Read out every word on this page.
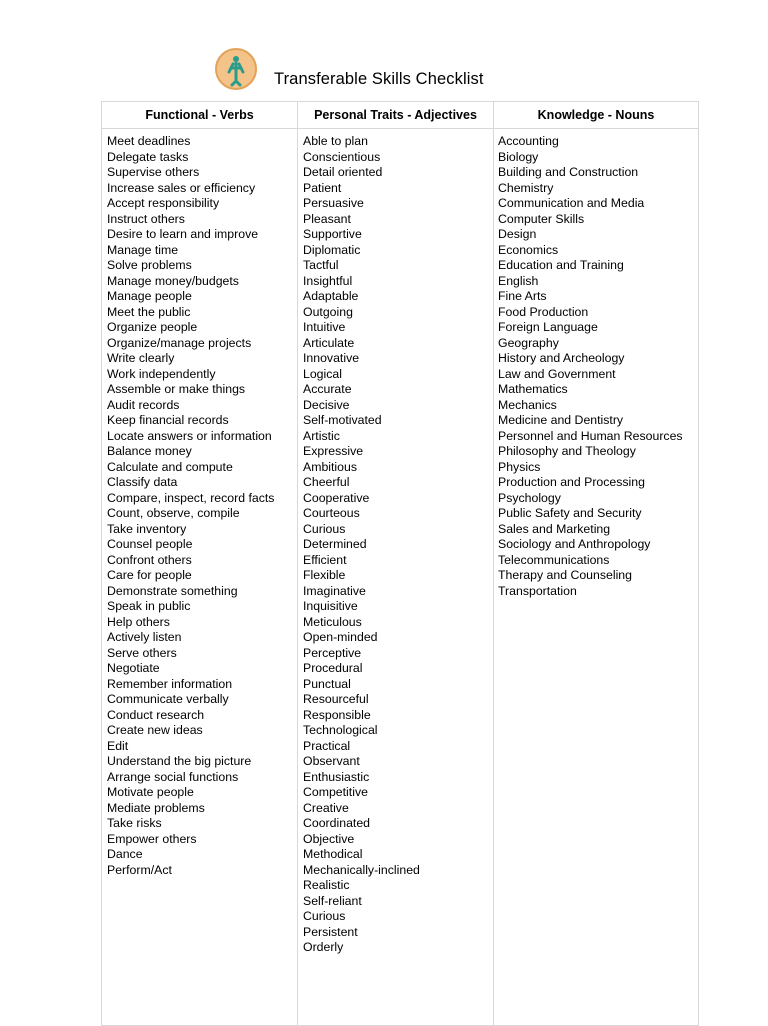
Transferable Skills Checklist
Functional - Verbs	Personal Traits - Adjectives	Knowledge - Nouns
Meet deadlines
Delegate tasks
Supervise others
Increase sales or efficiency
Accept responsibility
Instruct others
Desire to learn and improve
Manage time
Solve problems
Manage money/budgets
Manage people
Meet the public
Organize people
Organize/manage projects
Write clearly
Work independently
Assemble or make things
Audit records
Keep financial records
Locate answers or information
Balance money
Calculate and compute
Classify data
Compare, inspect, record facts
Count, observe, compile
Take inventory
Counsel people
Confront others
Care for people
Demonstrate something
Speak in public
Help others
Actively listen
Serve others
Negotiate
Remember information
Communicate verbally
Conduct research
Create new ideas
Edit
Understand the big picture
Arrange social functions
Motivate people
Mediate problems
Take risks
Empower others
Dance
Perform/Act
Able to plan
Conscientious
Detail oriented
Patient
Persuasive
Pleasant
Supportive
Diplomatic
Tactful
Insightful
Adaptable
Outgoing
Intuitive
Articulate
Innovative
Logical
Accurate
Decisive
Self-motivated
Artistic
Expressive
Ambitious
Cheerful
Cooperative
Courteous
Curious
Determined
Efficient
Flexible
Imaginative
Inquisitive
Meticulous
Open-minded
Perceptive
Procedural
Punctual
Resourceful
Responsible
Technological
Practical
Observant
Enthusiastic
Competitive
Creative
Coordinated
Objective
Methodical
Mechanically-inclined
Realistic
Self-reliant
Curious
Persistent
Orderly
Accounting
Biology
Building and Construction
Chemistry
Communication and Media
Computer Skills
Design
Economics
Education and Training
English
Fine Arts
Food Production
Foreign Language
Geography
History and Archeology
Law and Government
Mathematics
Mechanics
Medicine and Dentistry
Personnel and Human Resources
Philosophy and Theology
Physics
Production and Processing
Psychology
Public Safety and Security
Sales and Marketing
Sociology and Anthropology
Telecommunications
Therapy and Counseling
Transportation
